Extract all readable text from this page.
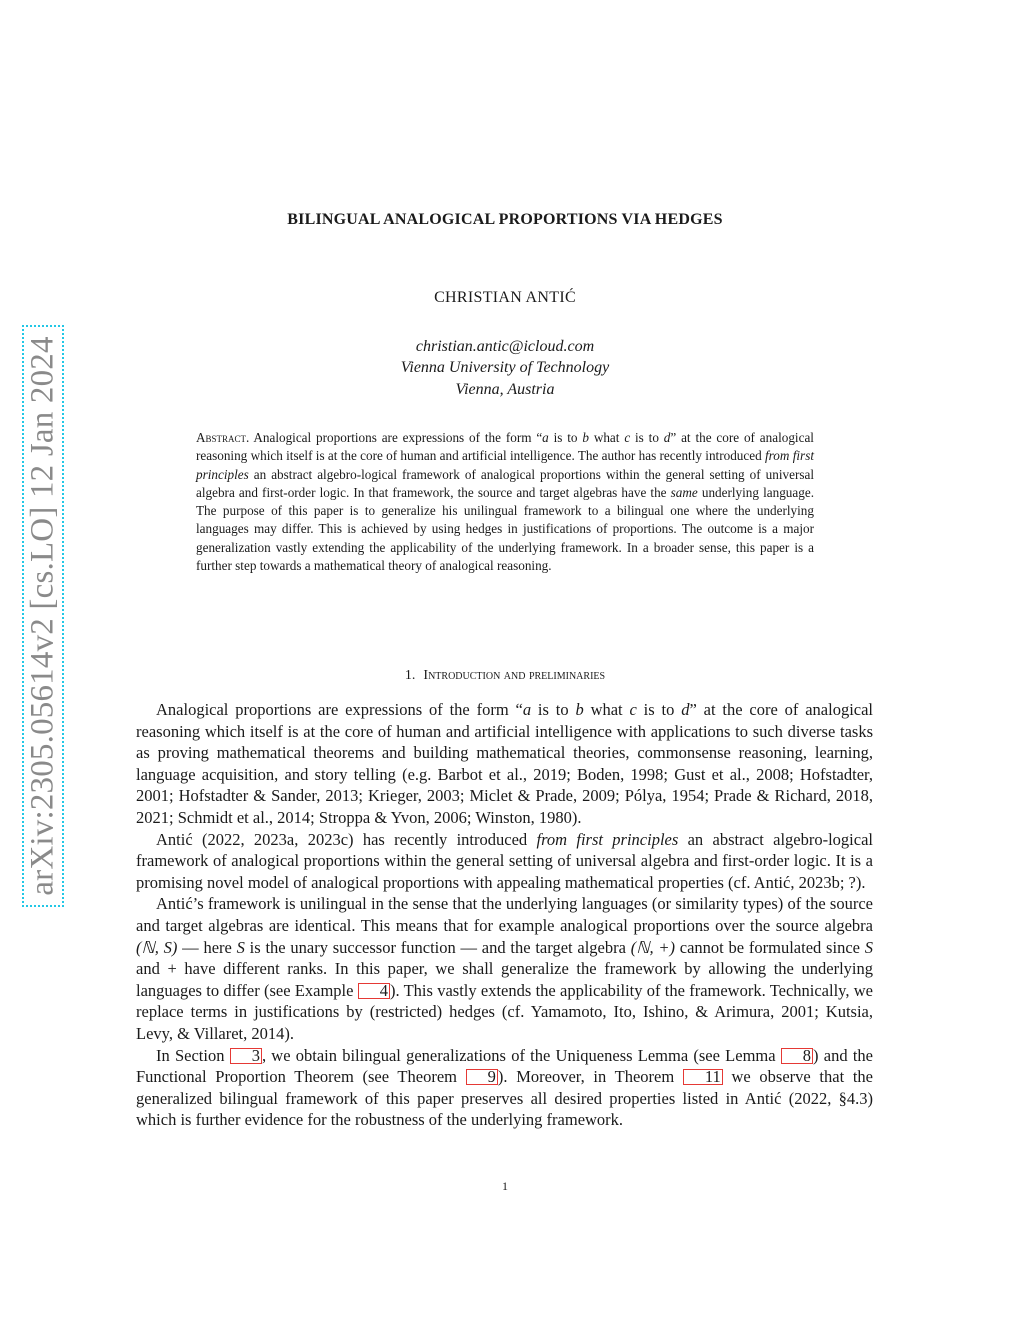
arXiv:2305.05614v2 [cs.LO] 12 Jan 2024
BILINGUAL ANALOGICAL PROPORTIONS VIA HEDGES
CHRISTIAN ANTIĆ
christian.antic@icloud.com
Vienna University of Technology
Vienna, Austria
Abstract. Analogical proportions are expressions of the form “a is to b what c is to d” at the core of analogical reasoning which itself is at the core of human and artificial intelligence. The author has recently introduced from first principles an abstract algebro-logical framework of analogical proportions within the general setting of universal algebra and first-order logic. In that framework, the source and target algebras have the same underlying language. The purpose of this paper is to generalize his unilingual framework to a bilingual one where the underlying languages may differ. This is achieved by using hedges in justifications of proportions. The outcome is a major generalization vastly extending the applicability of the underlying framework. In a broader sense, this paper is a further step towards a mathematical theory of analogical reasoning.
1. Introduction and preliminaries

Analogical proportions are expressions of the form “a is to b what c is to d” at the core of analogical reasoning which itself is at the core of human and artificial intelligence with applications to such diverse tasks as proving mathematical theorems and building mathematical theories, commonsense reasoning, learning, language acquisition, and story telling (e.g. Barbot et al., 2019; Boden, 1998; Gust et al., 2008; Hofstadter, 2001; Hofstadter & Sander, 2013; Krieger, 2003; Miclet & Prade, 2009; Pólya, 1954; Prade & Richard, 2018, 2021; Schmidt et al., 2014; Stroppa & Yvon, 2006; Winston, 1980).

Antić (2022, 2023a, 2023c) has recently introduced from first principles an abstract algebro-logical framework of analogical proportions within the general setting of universal algebra and first-order logic. It is a promising novel model of analogical proportions with appealing mathematical properties (cf. Antić, 2023b; ?).

Antić’s framework is unilingual in the sense that the underlying languages (or similarity types) of the source and target algebras are identical. This means that for example analogical proportions over the source algebra (ℕ, S) — here S is the unary successor function — and the target algebra (ℕ, +) cannot be formulated since S and + have different ranks. In this paper, we shall generalize the framework by allowing the underlying languages to differ (see Example 4 ). This vastly extends the applicability of the framework. Technically, we replace terms in justifications by (restricted) hedges (cf. Yamamoto, Ito, Ishino, & Arimura, 2001; Kutsia, Levy, & Villaret, 2014).

In Section 3 , we obtain bilingual generalizations of the Uniqueness Lemma (see Lemma 8 ) and the Functional Proportion Theorem (see Theorem 9 ). Moreover, in Theorem 11 we observe that the generalized bilingual framework of this paper preserves all desired properties listed in Antić (2022, §4.3) which is further evidence for the robustness of the underlying framework.

1
